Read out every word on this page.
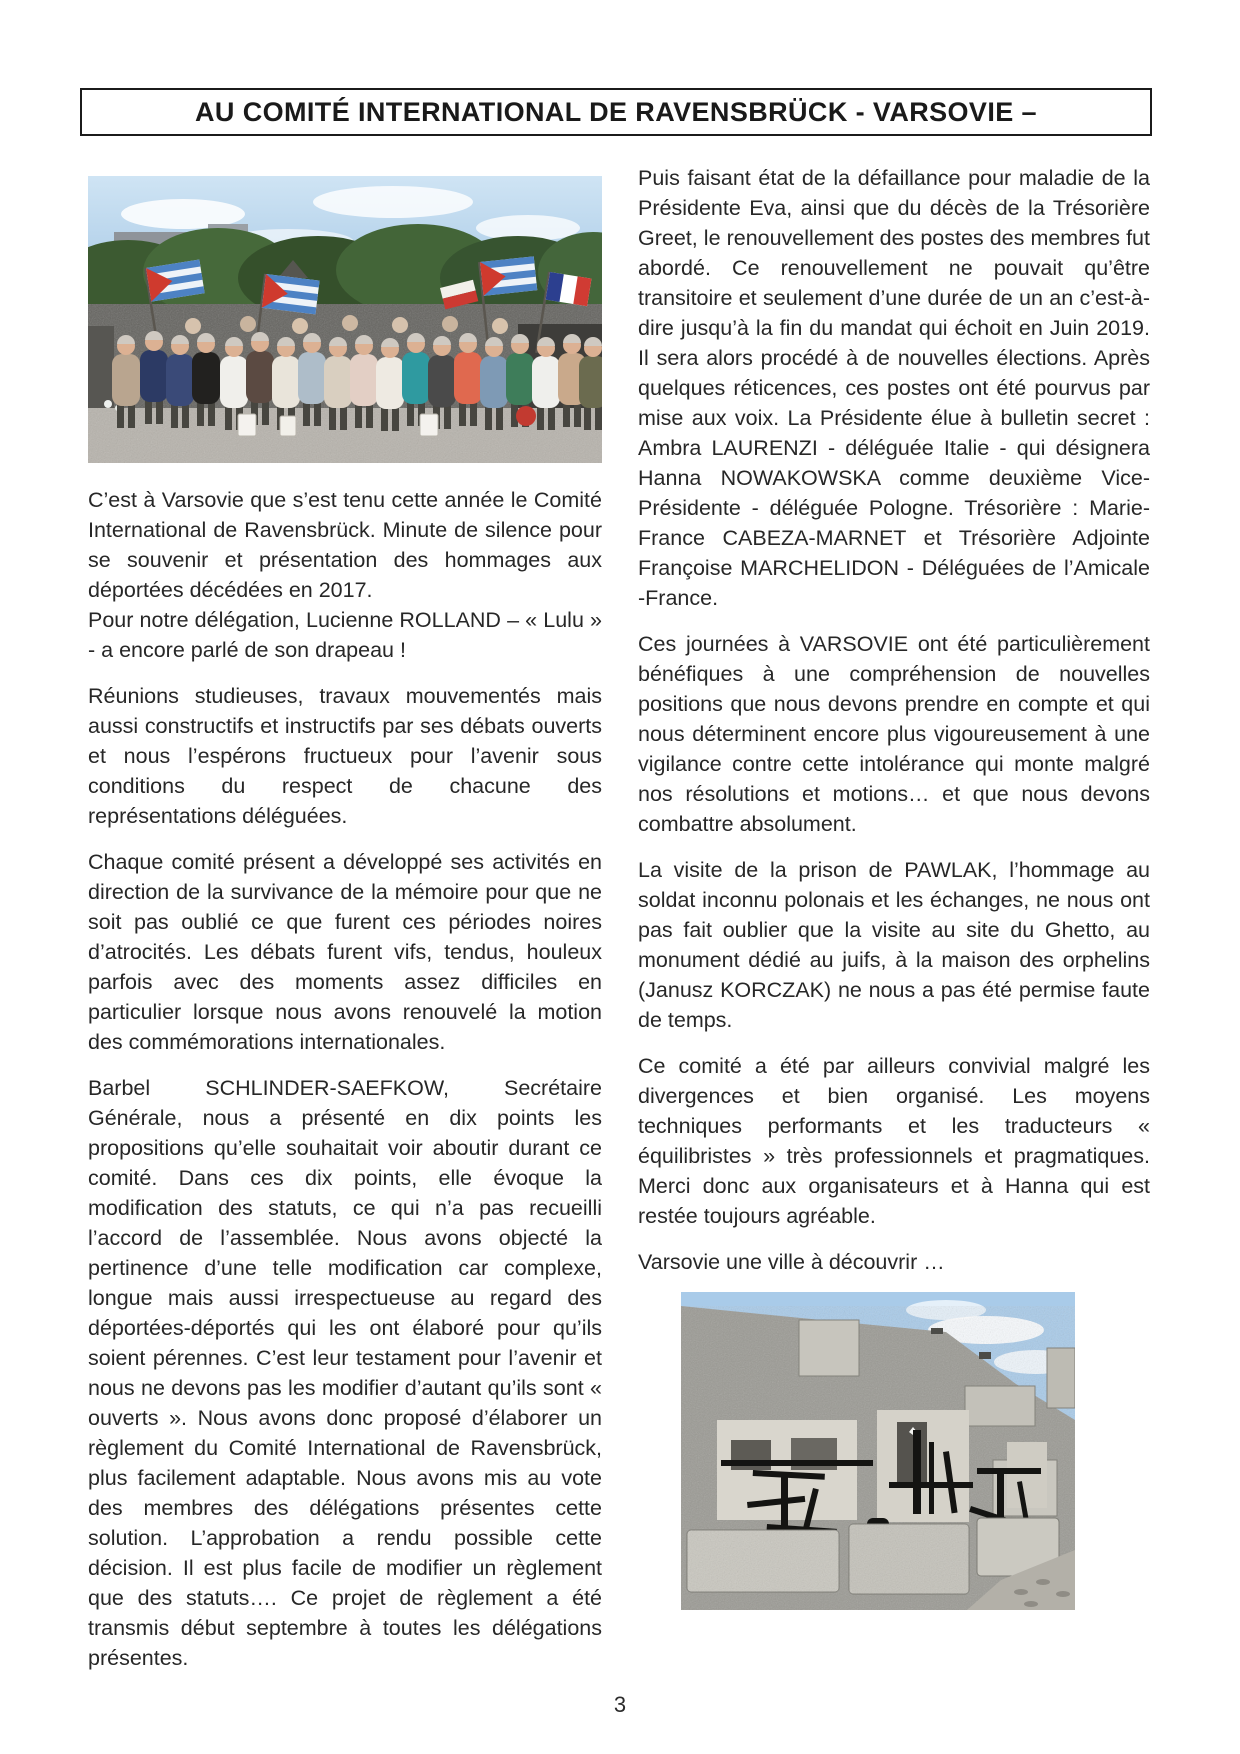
AU COMITÉ INTERNATIONAL DE RAVENSBRÜCK - VARSOVIE –

C’est à Varsovie que s’est tenu cette année le Comité International de Ravensbrück. Minute de silence pour se souvenir et présentation des hommages aux déportées décédées en 2017.

Pour notre délégation, Lucienne ROLLAND – « Lulu » - a encore parlé de son drapeau !

Réunions studieuses, travaux mouvementés mais aussi constructifs et instructifs par ses débats ouverts et nous l’espérons fructueux pour l’avenir sous conditions du respect de chacune des représentations déléguées.

Chaque comité présent a développé ses activités en direction de la survivance de la mémoire pour que ne soit pas oublié ce que furent ces périodes noires d’atrocités. Les débats furent vifs, tendus, houleux parfois avec des moments assez difficiles en particulier lorsque nous avons renouvelé la motion des commémorations internationales.

Barbel SCHLINDER-SAEFKOW, Secrétaire Générale, nous a présenté en dix points les propositions qu’elle souhaitait voir aboutir durant ce comité. Dans ces dix points, elle évoque la modification des statuts, ce qui n’a pas recueilli l’accord de l’assemblée. Nous avons objecté la pertinence d’une telle modification car complexe, longue mais aussi irrespectueuse au regard des déportées-déportés qui les ont élaboré pour qu’ils soient pérennes. C’est leur testament pour l’avenir et nous ne devons pas les modifier d’autant qu’ils sont « ouverts ». Nous avons donc proposé d’élaborer un règlement du Comité International de Ravensbrück, plus facilement adaptable. Nous avons mis au vote des membres des délégations présentes cette solution. L’approbation a rendu possible cette décision. Il est plus facile de modifier un règlement que des statuts…. Ce projet de règlement a été transmis début septembre à toutes les délégations présentes.

Puis faisant état de la défaillance pour maladie de la Présidente Eva, ainsi que du décès de la Trésorière Greet, le renouvellement des postes des membres fut abordé. Ce renouvellement ne pouvait qu’être transitoire et seulement d’une durée de un an c’est-à-dire jusqu’à la fin du mandat qui échoit en Juin 2019. Il sera alors procédé à de nouvelles élections. Après quelques réticences, ces postes ont été pourvus par mise aux voix. La Présidente élue à bulletin secret : Ambra LAURENZI - déléguée Italie - qui désignera Hanna NOWAKOWSKA comme deuxième Vice- Présidente - déléguée Pologne. Trésorière : Marie-France CABEZA-MARNET et Trésorière Adjointe Françoise MARCHELIDON - Déléguées de l’Amicale -France.

Ces journées à VARSOVIE ont été particulièrement bénéfiques à une compréhension de nouvelles positions que nous devons prendre en compte et qui nous déterminent encore plus vigoureusement à une vigilance contre cette intolérance qui monte malgré nos résolutions et motions… et que nous devons combattre absolument.

La visite de la prison de PAWLAK, l’hommage au soldat inconnu polonais et les échanges, ne nous ont pas fait oublier que la visite au site du Ghetto, au monument dédié au juifs, à la maison des orphelins (Janusz KORCZAK) ne nous a pas été permise faute de temps.

Ce comité a été par ailleurs convivial malgré les divergences et bien organisé. Les moyens techniques performants et les traducteurs « équilibristes » très professionnels et pragmatiques. Merci donc aux organisateurs et à Hanna qui est restée toujours agréable.

Varsovie une ville à découvrir …

3
